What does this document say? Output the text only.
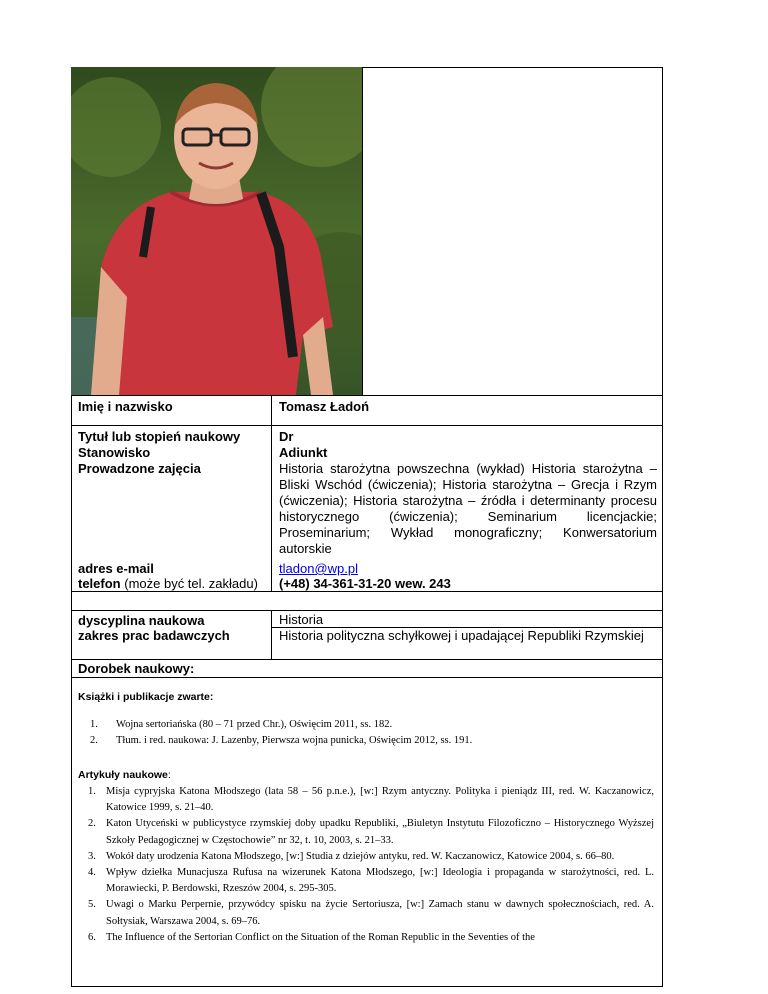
Imię i nazwisko	Tomasz Ładoń
Tytuł lub stopień naukowy	Dr
Stanowisko	Adiunkt
Prowadzone zajęcia	Historia starożytna powszechna (wykład) Historia starożytna – Bliski Wschód (ćwiczenia); Historia starożytna – Grecja i Rzym (ćwiczenia); Historia starożytna – źródła i determinanty procesu historycznego (ćwiczenia); Seminarium licencjackie; Proseminarium; Wykład monograficzny; Konwersatorium autorskie
adres e-mail	tladon@wp.pl
telefon (może być tel. zakładu) (+48) 34-361-31-20 wew. 243
dyscyplina naukowa	Historia
zakres prac badawczych	Historia polityczna schyłkowej i upadającej Republiki Rzymskiej
Dorobek naukowy:
Książki i publikacje zwarte:
1. Wojna sertoriańska (80 – 71 przed Chr.), Oświęcim 2011, ss. 182.
2. Tłum. i red. naukowa: J. Lazenby, Pierwsza wojna punicka, Oświęcim 2012, ss. 191.
Artykuły naukowe:
1. Misja cypryjska Katona Młodszego (lata 58 – 56 p.n.e.), [w:] Rzym antyczny. Polityka i pieniądz III, red. W. Kaczanowicz, Katowice 1999, s. 21–40.
2. Katon Utyceński w publicystyce rzymskiej doby upadku Republiki, „Biuletyn Instytutu Filozoficzno – Historycznego Wyższej Szkoły Pedagogicznej w Częstochowie” nr 32, t. 10, 2003, s. 21–33.
3. Wokół daty urodzenia Katona Młodszego, [w:] Studia z dziejów antyku, red. W. Kaczanowicz, Katowice 2004, s. 66–80.
4. Wpływ dziełka Munacjusza Rufusa na wizerunek Katona Młodszego, [w:] Ideologia i propaganda w starożytności, red. L. Morawiecki, P. Berdowski, Rzeszów 2004, s. 295-305.
5. Uwagi o Marku Perpernie, przywódcy spisku na życie Sertoriusza, [w:] Zamach stanu w dawnych społecznościach, red. A. Sołtysiak, Warszawa 2004, s. 69–76.
6. The Influence of the Sertorian Conflict on the Situation of the Roman Republic in the Seventies of the
